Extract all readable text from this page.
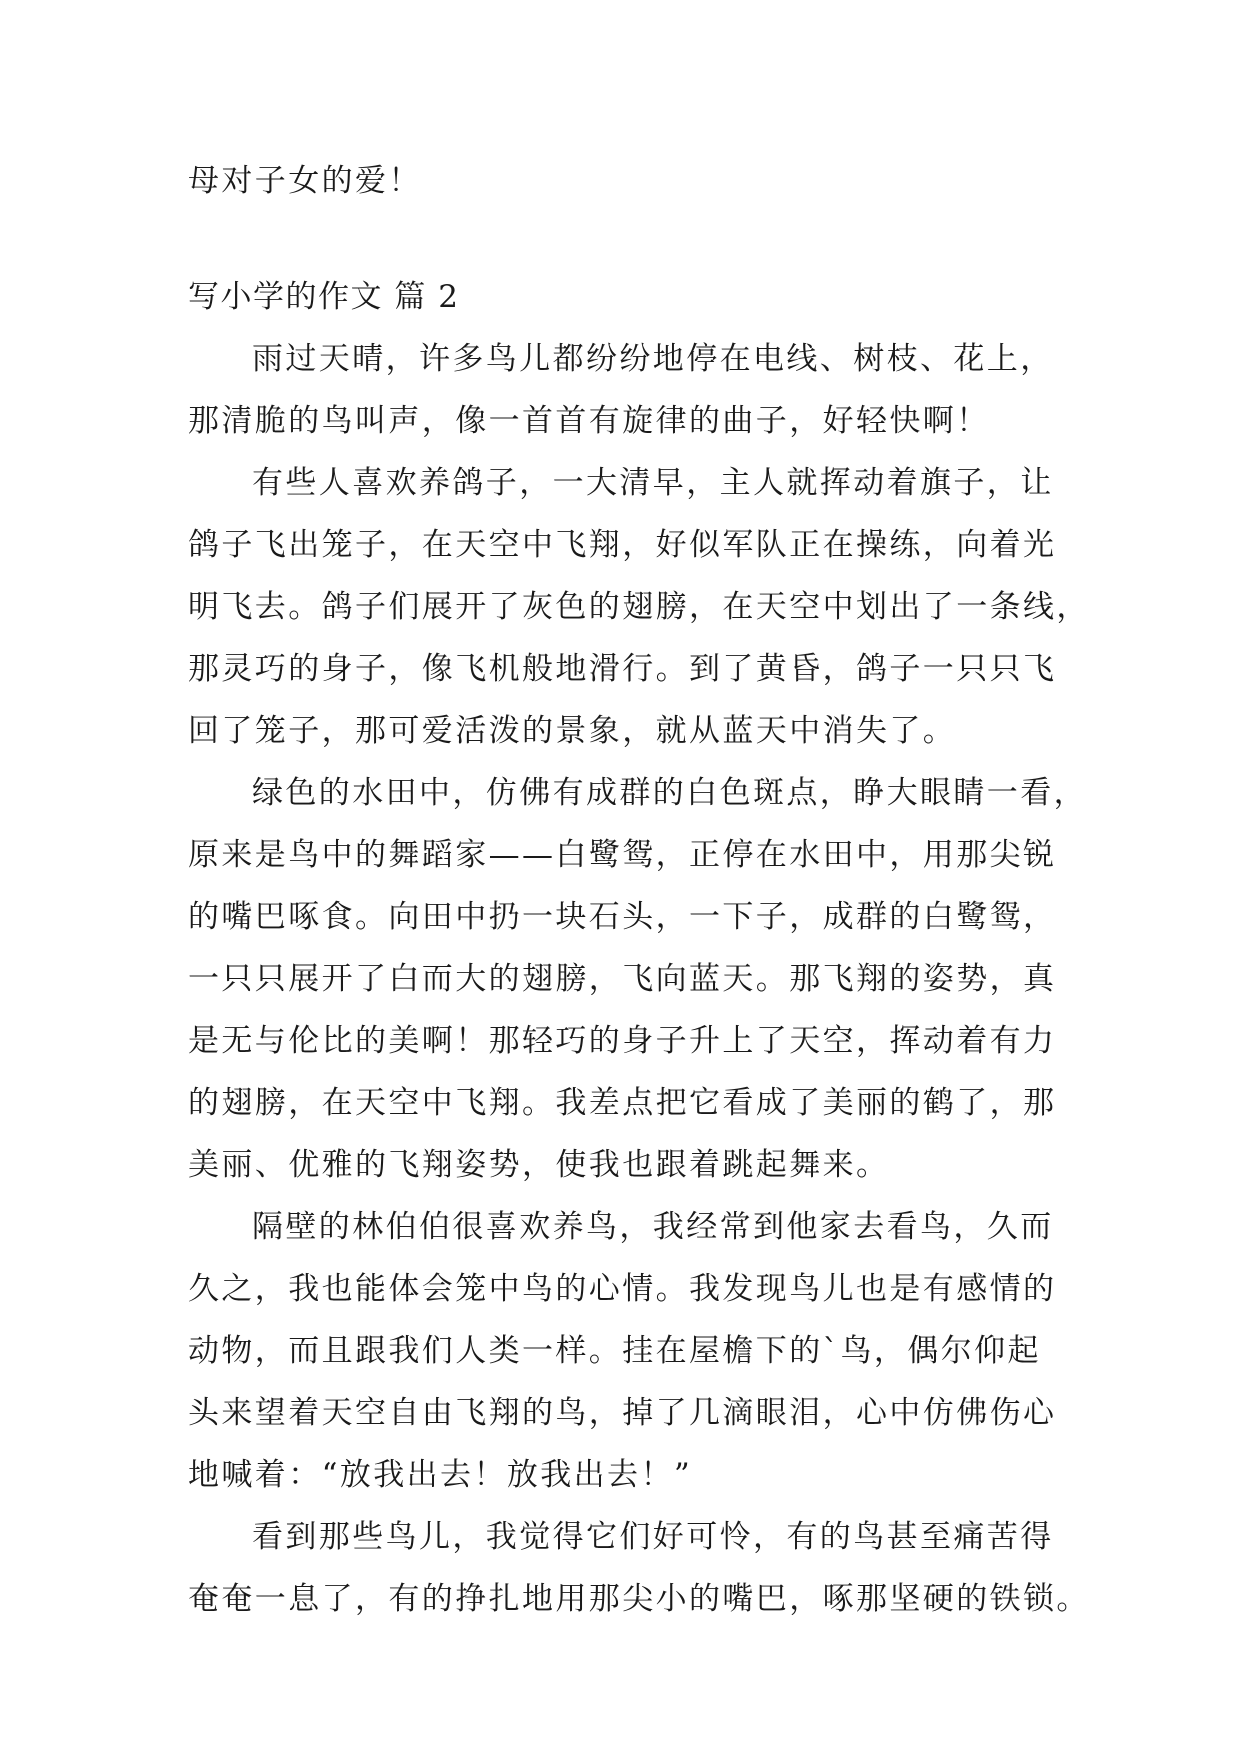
母对子女的爱！

写小学的作文 篇 2

雨过天晴，许多鸟儿都纷纷地停在电线、树枝、花上，

那清脆的鸟叫声，像一首首有旋律的曲子，好轻快啊！

有些人喜欢养鸽子，一大清早，主人就挥动着旗子，让

鸽子飞出笼子，在天空中飞翔，好似军队正在操练，向着光

明飞去。鸽子们展开了灰色的翅膀，在天空中划出了一条线，

那灵巧的身子，像飞机般地滑行。到了黄昏，鸽子一只只飞

回了笼子，那可爱活泼的景象，就从蓝天中消失了。

绿色的水田中，仿佛有成群的白色斑点，睁大眼睛一看，

原来是鸟中的舞蹈家——白鹭鸳，正停在水田中，用那尖锐

的嘴巴啄食。向田中扔一块石头，一下子，成群的白鹭鸳，

一只只展开了白而大的翅膀，飞向蓝天。那飞翔的姿势，真

是无与伦比的美啊！那轻巧的身子升上了天空，挥动着有力

的翅膀，在天空中飞翔。我差点把它看成了美丽的鹤了，那

美丽、优雅的飞翔姿势，使我也跟着跳起舞来。

隔壁的林伯伯很喜欢养鸟，我经常到他家去看鸟，久而

久之，我也能体会笼中鸟的心情。我发现鸟儿也是有感情的

动物，而且跟我们人类一样。挂在屋檐下的`鸟，偶尔仰起

头来望着天空自由飞翔的鸟，掉了几滴眼泪，心中仿佛伤心

地喊着：“放我出去！放我出去！”

看到那些鸟儿，我觉得它们好可怜，有的鸟甚至痛苦得

奄奄一息了，有的挣扎地用那尖小的嘴巴，啄那坚硬的铁锁。
